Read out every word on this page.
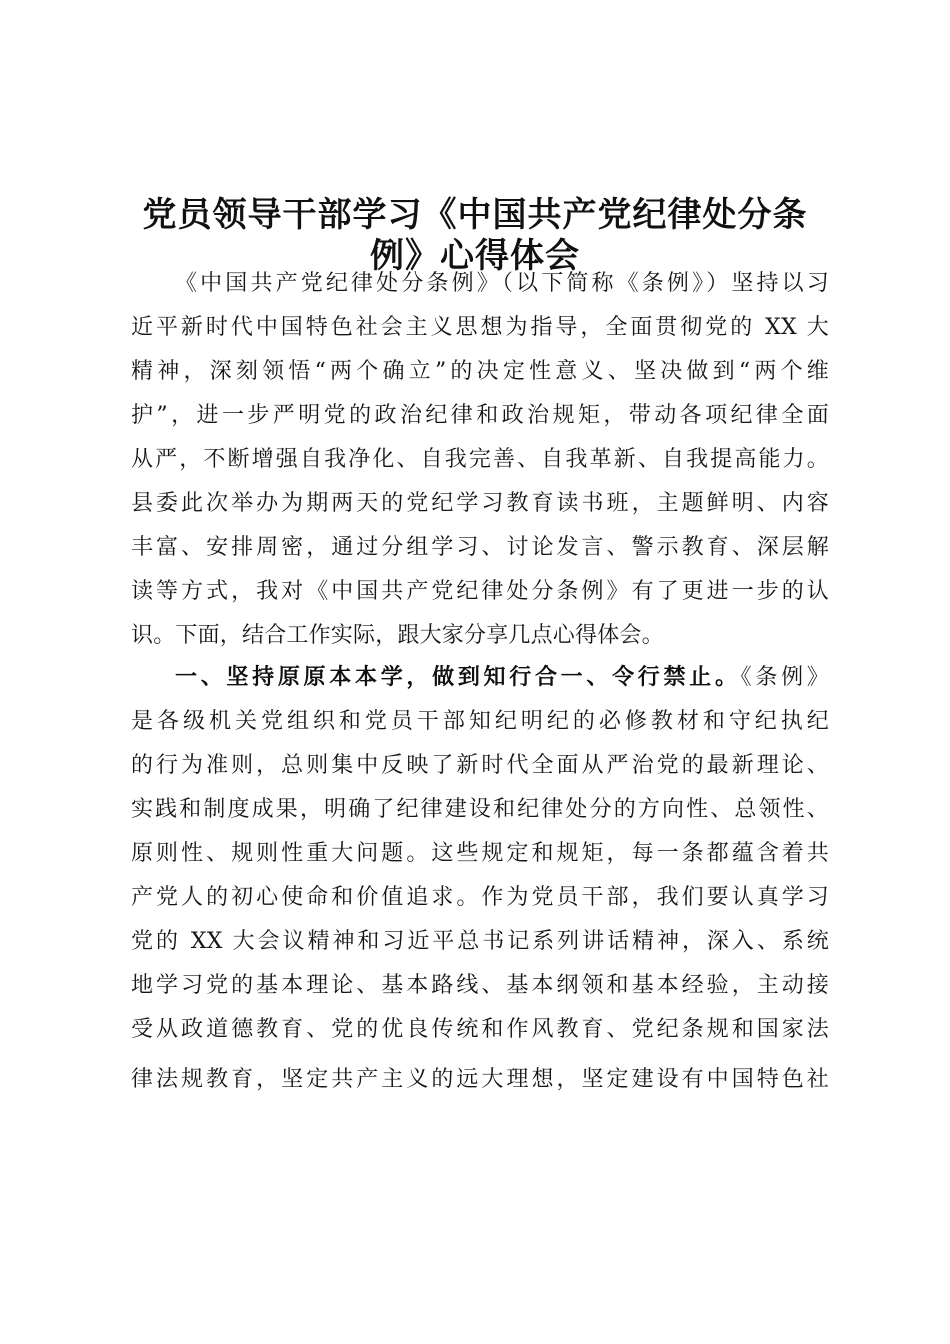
党员领导干部学习《中国共产党纪律处分条
例》心得体会
《中国共产党纪律处分条例》（以下简称《条例》）坚持以习
近平新时代中国特色社会主义思想为指导，全面贯彻党的 XX 大
精神，深刻领悟“两个确立”的决定性意义、坚决做到“两个维
护”，进一步严明党的政治纪律和政治规矩，带动各项纪律全面
从严，不断增强自我净化、自我完善、自我革新、自我提高能力。
县委此次举办为期两天的党纪学习教育读书班，主题鲜明、内容
丰富、安排周密，通过分组学习、讨论发言、警示教育、深层解
读等方式，我对《中国共产党纪律处分条例》有了更进一步的认
识。下面，结合工作实际，跟大家分享几点心得体会。
一、坚持原原本本学，做到知行合一、令行禁止。《条例》
是各级机关党组织和党员干部知纪明纪的必修教材和守纪执纪
的行为准则，总则集中反映了新时代全面从严治党的最新理论、
实践和制度成果，明确了纪律建设和纪律处分的方向性、总领性、
原则性、规则性重大问题。这些规定和规矩，每一条都蕴含着共
产党人的初心使命和价值追求。作为党员干部，我们要认真学习
党的 XX 大会议精神和习近平总书记系列讲话精神，深入、系统
地学习党的基本理论、基本路线、基本纲领和基本经验，主动接
受从政道德教育、党的优良传统和作风教育、党纪条规和国家法
律法规教育，坚定共产主义的远大理想，坚定建设有中国特色社
